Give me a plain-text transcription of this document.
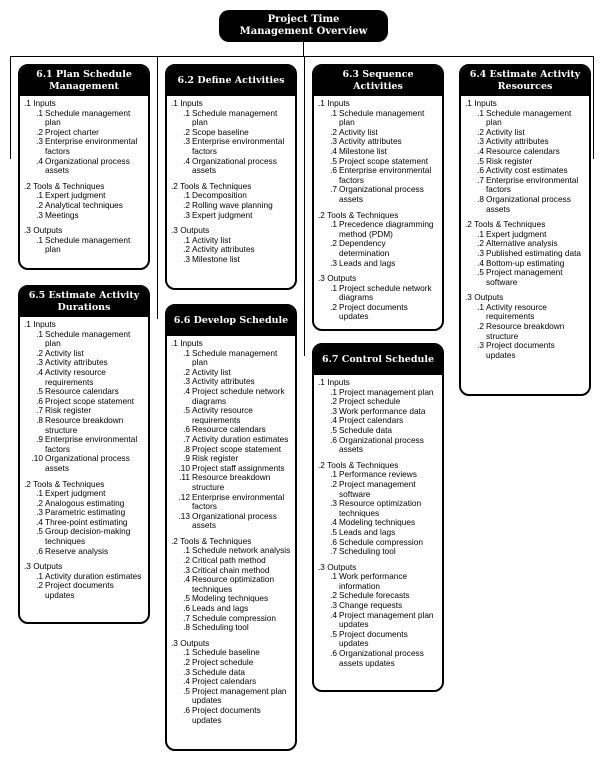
Project Time
Management Overview
6.1 Plan Schedule
Management
.1 Inputs
.1 Schedule management plan
.2 Project charter
.3 Enterprise environmental factors
.4 Organizational process assets
.2 Tools & Techniques
.1 Expert judgment
.2 Analytical techniques
.3 Meetings
.3 Outputs
.1 Schedule management plan
6.2 Define Activities
.1 Inputs
.1 Schedule management plan
.2 Scope baseline
.3 Enterprise environmental factors
.4 Organizational process assets
.2 Tools & Techniques
.1 Decomposition
.2 Rolling wave planning
.3 Expert judgment
.3 Outputs
.1 Activity list
.2 Activity attributes
.3 Milestone list
6.3 Sequence
Activities
.1 Inputs
.1 Schedule management plan
.2 Activity list
.3 Activity attributes
.4 Milestone list
.5 Project scope statement
.6 Enterprise environmental factors
.7 Organizational process assets
.2 Tools & Techniques
.1 Precedence diagramming method (PDM)
.2 Dependency determination
.3 Leads and lags
.3 Outputs
.1 Project schedule network diagrams
.2 Project documents updates
6.4 Estimate Activity
Resources
.1 Inputs
.1 Schedule management plan
.2 Activity list
.3 Activity attributes
.4 Resource calendars
.5 Risk register
.6 Activity cost estimates
.7 Enterprise environmental factors
.8 Organizational process assets
.2 Tools & Techniques
.1 Expert judgment
.2 Alternative analysis
.3 Published estimating data
.4 Bottom-up estimating
.5 Project management software
.3 Outputs
.1 Activity resource requirements
.2 Resource breakdown structure
.3 Project documents updates
6.5 Estimate Activity
Durations
.1 Inputs
.1 Schedule management plan
.2 Activity list
.3 Activity attributes
.4 Activity resource requirements
.5 Resource calendars
.6 Project scope statement
.7 Risk register
.8 Resource breakdown structure
.9 Enterprise environmental factors
.10 Organizational process assets
.2 Tools & Techniques
.1 Expert judgment
.2 Analogous estimating
.3 Parametric estimating
.4 Three-point estimating
.5 Group decision-making techniques
.6 Reserve analysis
.3 Outputs
.1 Activity duration estimates
.2 Project documents updates
6.6 Develop Schedule
.1 Inputs
.1 Schedule management plan
.2 Activity list
.3 Activity attributes
.4 Project schedule network diagrams
.5 Activity resource requirements
.6 Resource calendars
.7 Activity duration estimates
.8 Project scope statement
.9 Risk register
.10 Project staff assignments
.11 Resource breakdown structure
.12 Enterprise environmental factors
.13 Organizational process assets
.2 Tools & Techniques
.1 Schedule network analysis
.2 Critical path method
.3 Critical chain method
.4 Resource optimization techniques
.5 Modeling techniques
.6 Leads and lags
.7 Schedule compression
.8 Scheduling tool
.3 Outputs
.1 Schedule baseline
.2 Project schedule
.3 Schedule data
.4 Project calendars
.5 Project management plan updates
.6 Project documents updates
6.7 Control Schedule
.1 Inputs
.1 Project management plan
.2 Project schedule
.3 Work performance data
.4 Project calendars
.5 Schedule data
.6 Organizational process assets
.2 Tools & Techniques
.1 Performance reviews
.2 Project management software
.3 Resource optimization techniques
.4 Modeling techniques
.5 Leads and lags
.6 Schedule compression
.7 Scheduling tool
.3 Outputs
.1 Work performance information
.2 Schedule forecasts
.3 Change requests
.4 Project management plan updates
.5 Project documents updates
.6 Organizational process assets updates
